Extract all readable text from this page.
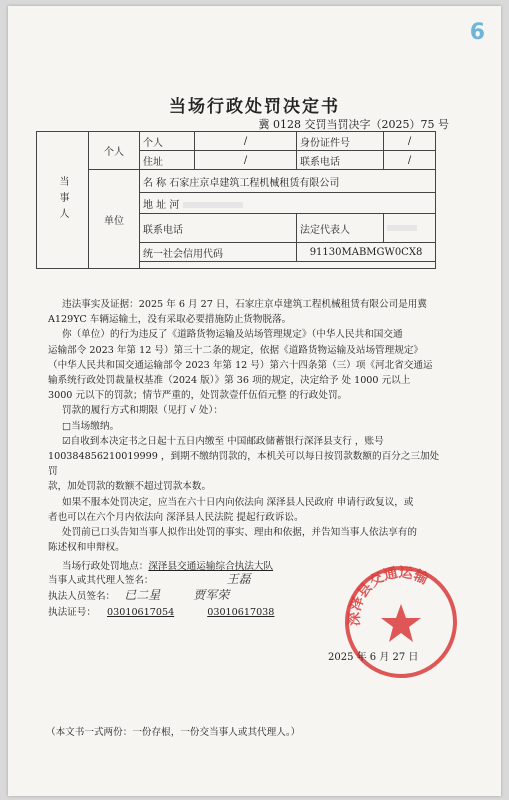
6
当场行政处罚决定书
冀 0128 交罚当罚决字（2025）75 号
当事人	个人	个人	/	身份证件号	/
		住址	/	联系电话	/
	单位	名 称 石家庄京卓建筑工程机械租赁有限公司			
		地 址 河			
		联系电话		法定代表人	
		统一社会信用代码		91130MABMGW0CX8	

违法事实及证据：2025 年 6 月 27 日，石家庄京卓建筑工程机械租赁有限公司是用冀

A129YC 车辆运输土，没有采取必要措施防止货物脱落。

你（单位）的行为违反了《道路货物运输及站场管理规定》（中华人民共和国交通

运输部令 2023 年第 12 号）第三十二条的规定，依据《道路货物运输及站场管理规定》

（中华人民共和国交通运输部令 2023 年第 12 号）第六十四条第（三）项《河北省交通运

输系统行政处罚裁量权基准（2024 版）》第 36 项的规定，决定给予 处 1000 元以上

3000 元以下的罚款；情节严重的，处罚款壹仟伍佰元整 的行政处罚。

罚款的履行方式和期限（见打 √ 处）：

□当场缴纳。

☑自收到本决定书之日起十五日内缴至 中国邮政储蓄银行深泽县支行 ，账号

100384856210019999 ，到期不缴纳罚款的，本机关可以每日按罚款数额的百分之三加处罚

款，加处罚款的数额不超过罚款本数。

如果不服本处罚决定，应当在六十日内向依法向 深泽县人民政府 申请行政复议，或

者也可以在六个月内依法向 深泽县人民法院 提起行政诉讼。

处罚前已口头告知当事人拟作出处罚的事实、理由和依据，并告知当事人依法享有的

陈述权和申辩权。

当场行政处罚地点：深泽县交通运输综合执法大队

当事人或其代理人签名：	王磊
执法人员签名： 已二星	贾军荣
执法证号： 03010617054	03010617038	深泽县交通运输
2025 年 6 月 27 日
（本文书一式两份：一份存根，一份交当事人或其代理人。）
